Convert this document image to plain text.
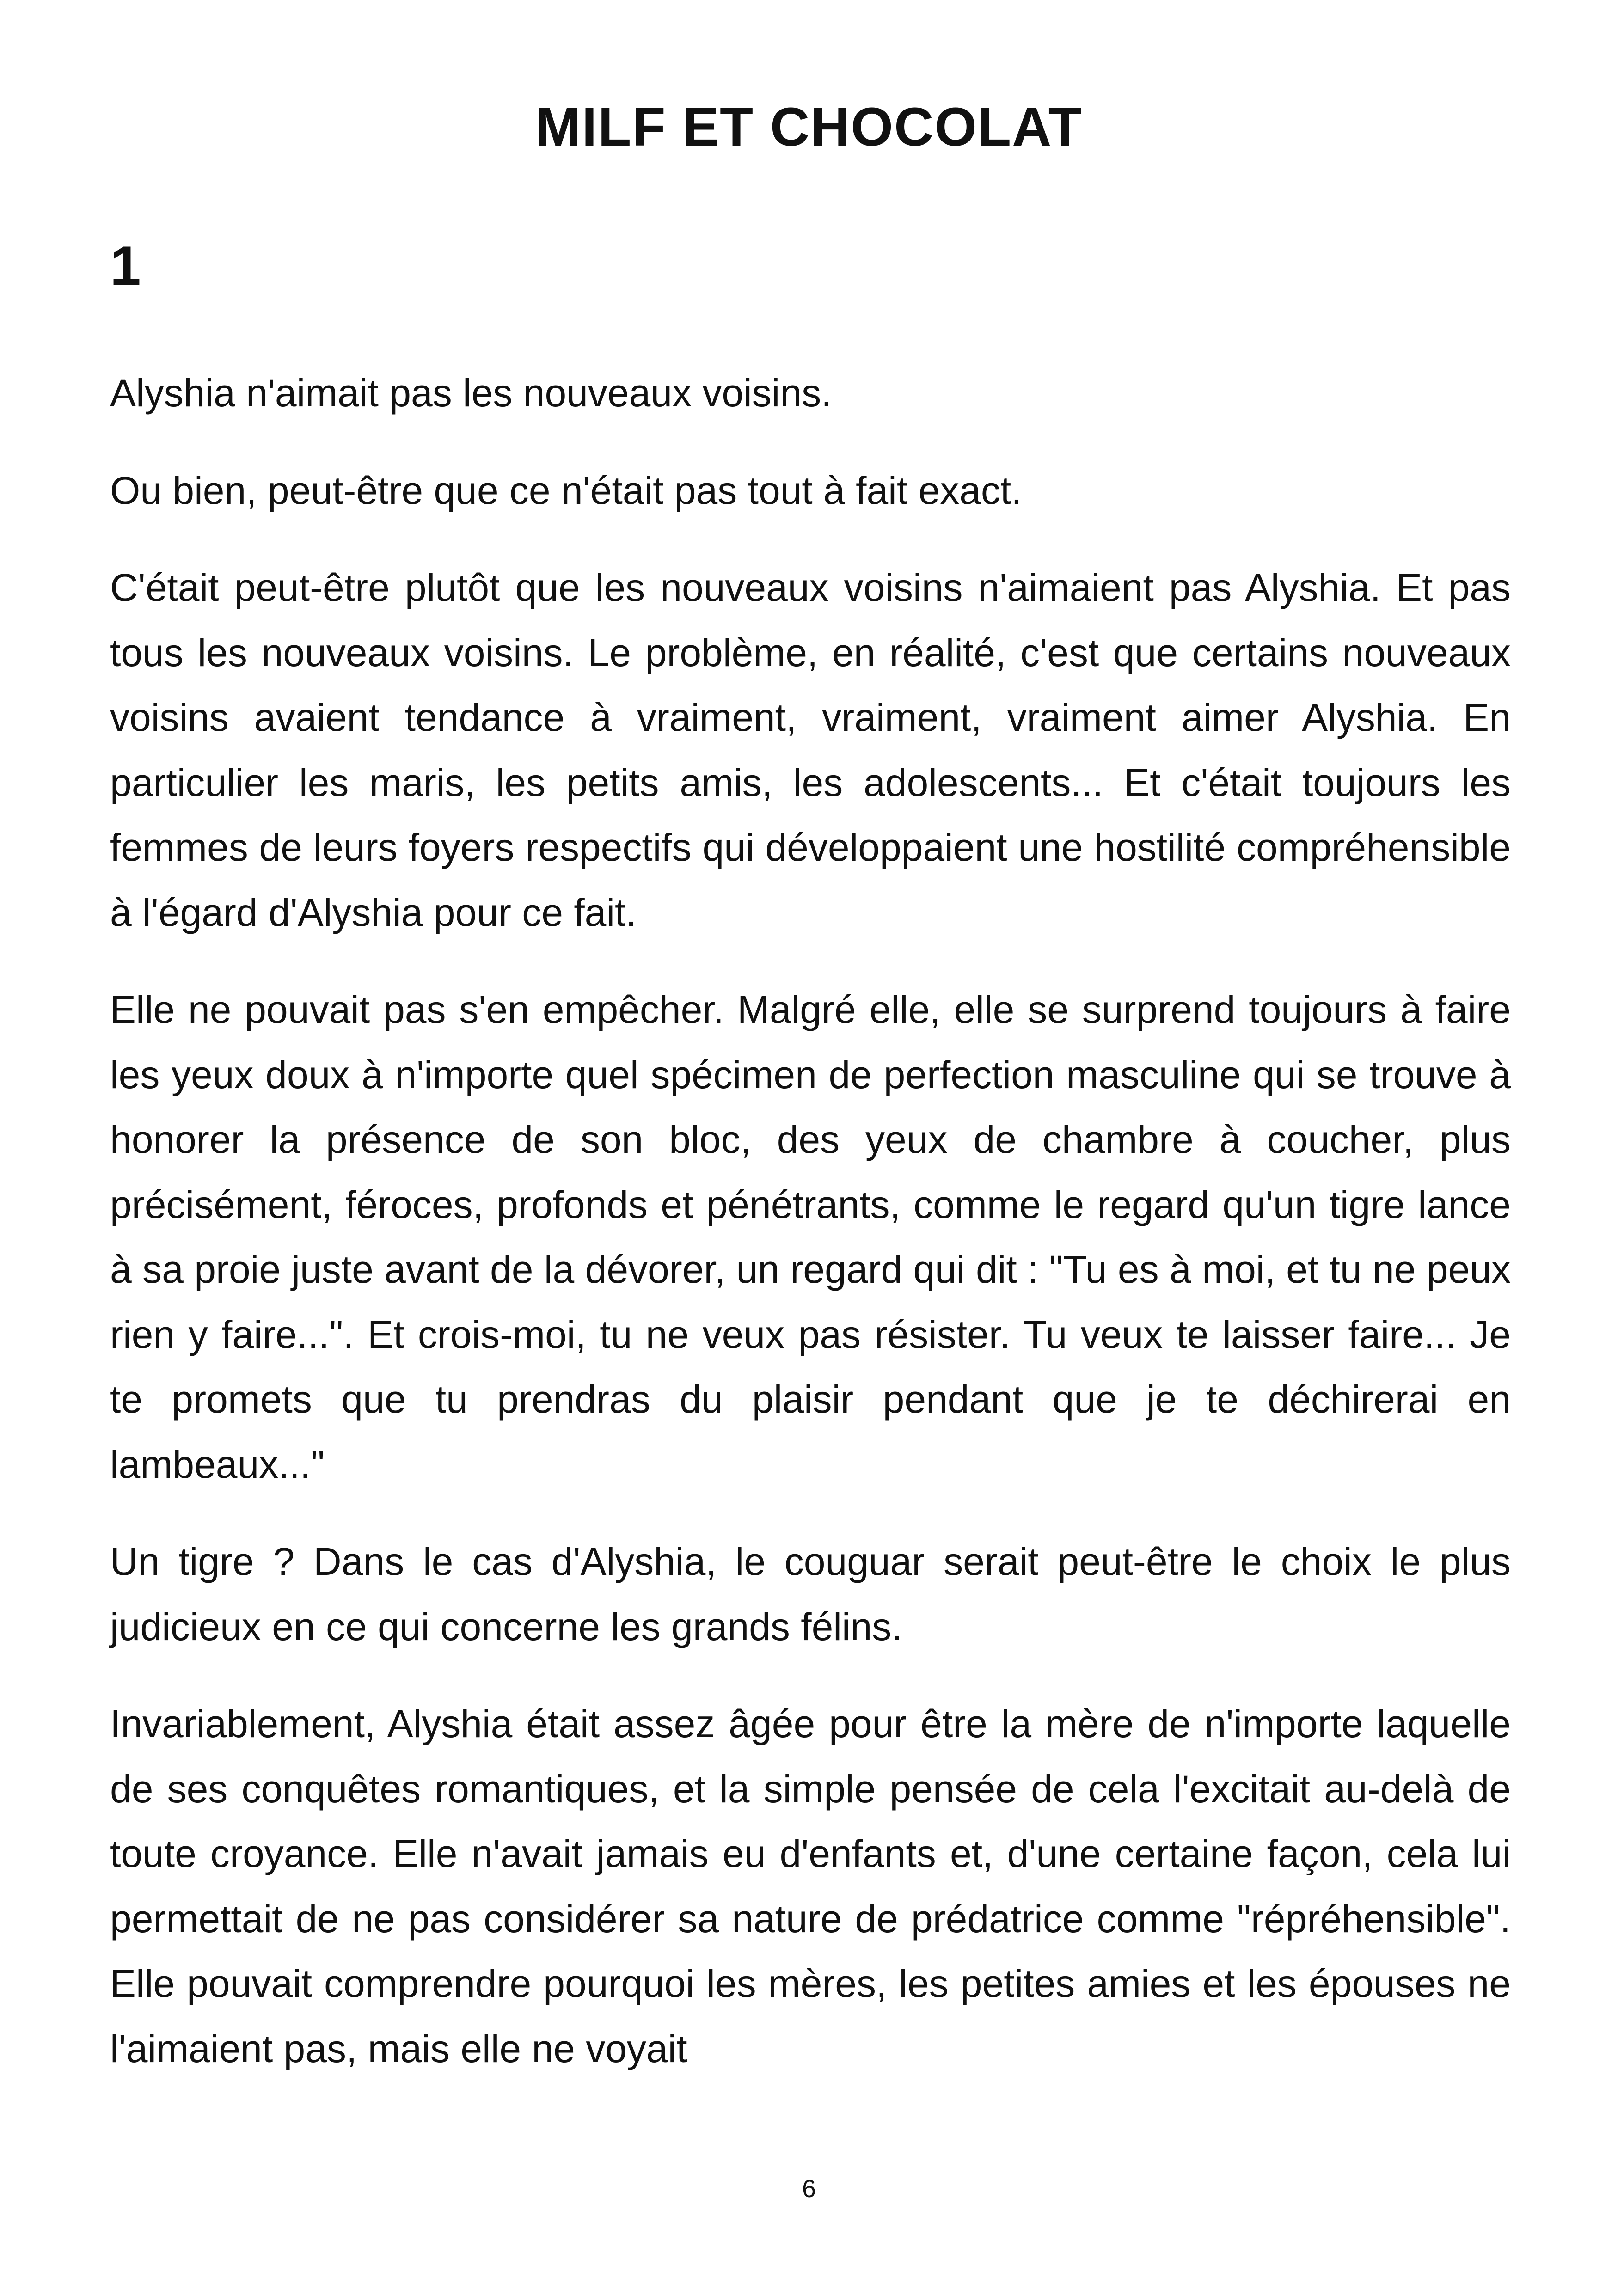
MILF ET CHOCOLAT
1

Alyshia n'aimait pas les nouveaux voisins.

Ou bien, peut-être que ce n'était pas tout à fait exact.

C'était peut-être plutôt que les nouveaux voisins n'aimaient pas Alyshia. Et pas tous les nouveaux voisins. Le problème, en réalité, c'est que certains nouveaux voisins avaient tendance à vraiment, vraiment, vraiment aimer Alyshia. En particulier les maris, les petits amis, les adolescents... Et c'était toujours les femmes de leurs foyers respectifs qui développaient une hostilité compréhensible à l'égard d'Alyshia pour ce fait.

Elle ne pouvait pas s'en empêcher. Malgré elle, elle se surprend toujours à faire les yeux doux à n'importe quel spécimen de perfection masculine qui se trouve à honorer la présence de son bloc, des yeux de chambre à coucher, plus précisément, féroces, profonds et pénétrants, comme le regard qu'un tigre lance à sa proie juste avant de la dévorer, un regard qui dit : "Tu es à moi, et tu ne peux rien y faire...". Et crois-moi, tu ne veux pas résister. Tu veux te laisser faire... Je te promets que tu prendras du plaisir pendant que je te déchirerai en lambeaux..."

Un tigre ? Dans le cas d'Alyshia, le couguar serait peut-être le choix le plus judicieux en ce qui concerne les grands félins.

Invariablement, Alyshia était assez âgée pour être la mère de n'importe laquelle de ses conquêtes romantiques, et la simple pensée de cela l'excitait au-delà de toute croyance. Elle n'avait jamais eu d'enfants et, d'une certaine façon, cela lui permettait de ne pas considérer sa nature de prédatrice comme "répréhensible". Elle pouvait comprendre pourquoi les mères, les petites amies et les épouses ne l'aimaient pas, mais elle ne voyait

6
